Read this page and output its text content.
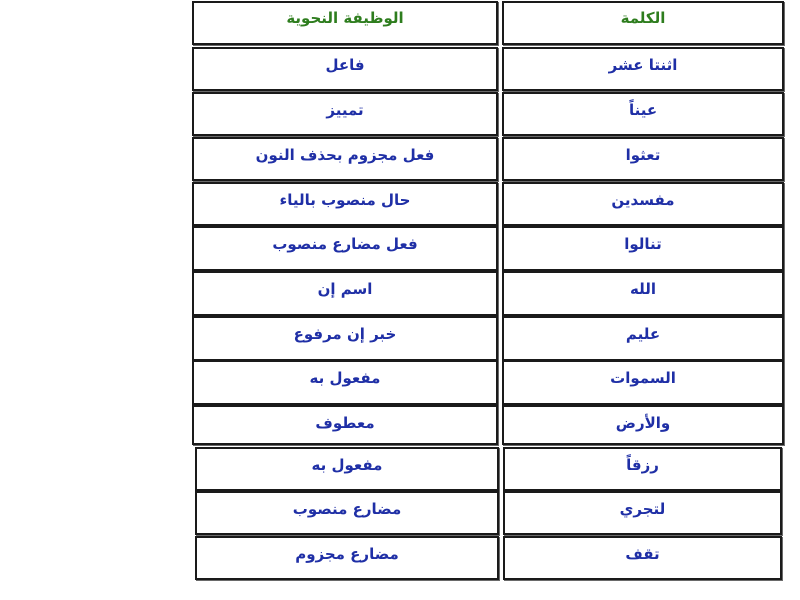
الوظيفة النحوية	الكلمة
فاعل	اثنتا عشر
تمييز	عيناً
فعل مجزوم بحذف النون	تعثوا
حال منصوب بالياء	مفسدين
فعل مضارع منصوب	تنالوا
اسم إن	الله
خبر إن مرفوع	عليم
مفعول به	السموات
معطوف	والأرض
مفعول به	رزقاً
مضارع منصوب	لتجري
مضارع مجزوم	تقف
